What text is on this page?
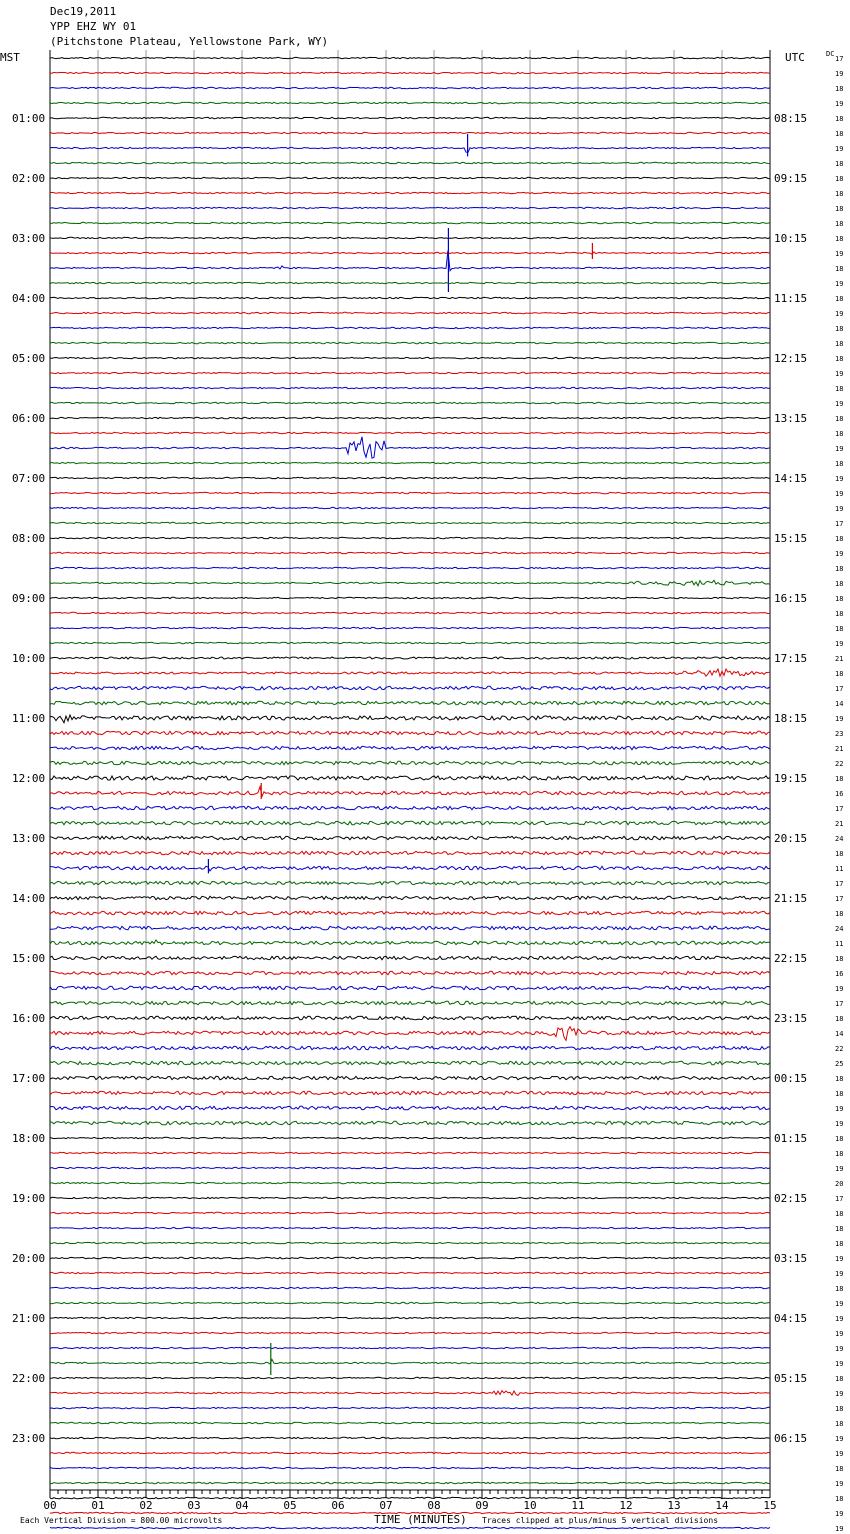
Dec19,2011
YPP EHZ WY 01
(Pitchstone Plateau, Yellowstone Park, WY)
01:00
02:00
03:00
04:00
05:00
06:00
07:00
08:00
09:00
10:00
11:00
12:00
13:00
14:00
15:00
16:00
17:00
18:00
19:00
20:00
21:00
22:00
23:00
08:15
09:15
10:15
11:15
12:15
13:15
14:15
15:15
16:15
17:15
18:15
19:15
20:15
21:15
22:15
23:15
00:15
01:15
02:15
03:15
04:15
05:15
06:15
17
19
18
19
18
18
19
18
18
18
18
18
18
19
18
19
18
19
18
18
18
19
18
19
18
18
19
18
19
19
19
17
18
19
18
18
18
18
18
19
21
18
17
14
19
23
21
22
18
16
17
21
24
18
11
17
17
18
24
11
18
16
19
17
18
14
22
25
18
18
19
19
18
18
19
20
17
18
18
18
19
19
18
19
19
19
19
19
18
19
18
18
19
19
18
19
18
19
19
00	01	02	03	04	05	06	07	08	09	10	11	12	13	14	15
MST	UTC	DC
TIME (MINUTES)
Each Vertical Division = 800.00 microvolts	Traces clipped at plus/minus 5 vertical divisions
